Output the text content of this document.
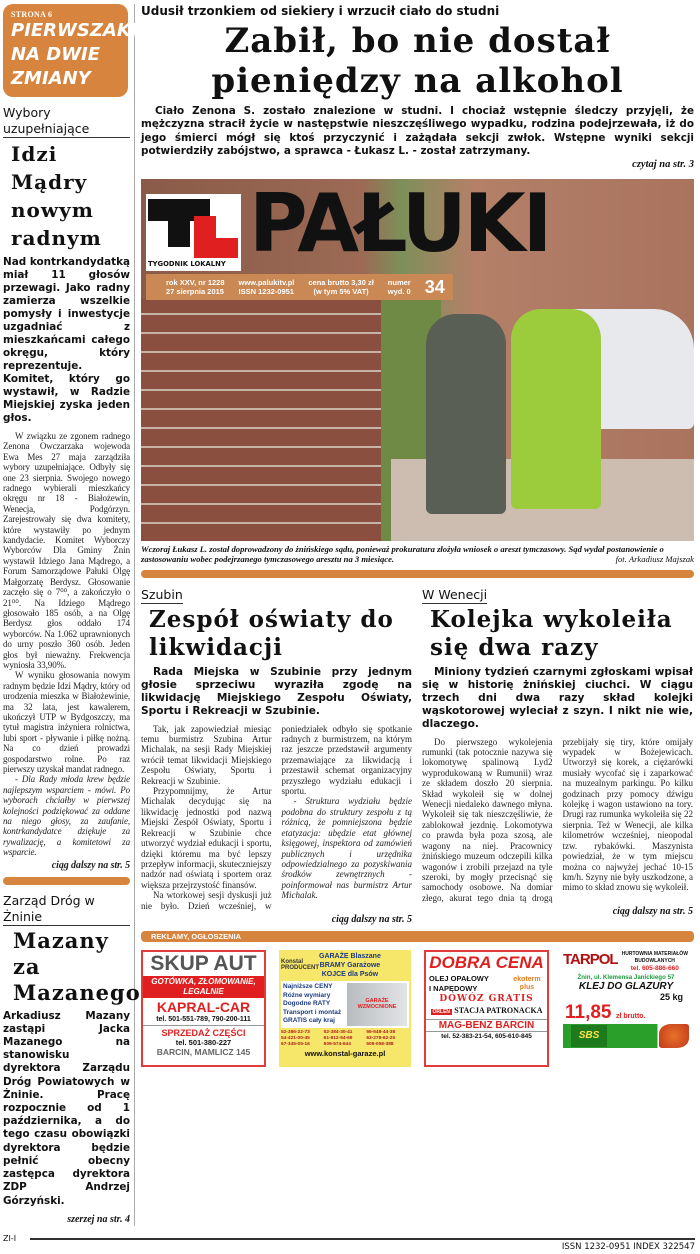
STRONA 6
PIERWSZAKI NA DWIE ZMIANY
Wybory uzupełniające
Idzi Mądry nowym radnym
Nad kontrkandydatką miał 11 głosów przewagi. Jako radny zamierza wszelkie pomysły i inwestycje uzgadniać z mieszkańcami całego okręgu, który reprezentuje. Komitet, który go wystawił, w Radzie Miejskiej zyska jeden głos.

W związku ze zgonem radnego Zenona Owczarzaka wojewoda Ewa Mes 27 maja zarządziła wybory uzupełniające. Odbyły się one 23 sierpnia. Swojego nowego radnego wybierali mieszkańcy okręgu nr 18 - Białożewin, Wenecja, Podgórzyn. Zarejestrowały się dwa komitety, które wystawiły po jednym kandydacie. Komitet Wyborczy Wyborców Dla Gminy Żnin wystawił Idziego Jana Mądrego, a Forum Samorządowe Pałuki Olgę Małgorzatę Berdysz. Głosowanie zaczęło się o 7⁰⁰, a zakończyło o 21⁰⁰. Na Idziego Mądrego głosowało 185 osób, a na Olgę Berdysz głos oddało 174 wyborców. Na 1.062 uprawnionych do urny poszło 360 osób. Jeden głos był nieważny. Frekwencja wyniosła 33,90%.

W wyniku głosowania nowym radnym będzie Idzi Mądry, który od urodzenia mieszka w Białożewinie, ma 32 lata, jest kawalerem, ukończył UTP w Bydgoszczy, ma tytuł magistra inżyniera rolnictwa, lubi sport - pływanie i piłkę nożną. Na co dzień prowadzi gospodarstwo rolne. Po raz pierwszy uzyskał mandat radnego.

- Dla Rady młoda krew będzie najlepszym wsparciem - mówi. Po wyborach chciałby w pierwszej kolejności podziękować za oddane na niego głosy, za zaufanie, kontrkandydatce dziękuje za rywalizację, a komitetowi za wsparcie.

ciąg dalszy na str. 5
Zarząd Dróg w Żninie
Mazany za Mazanego
Arkadiusz Mazany zastąpi Jacka Mazanego na stanowisku dyrektora Zarządu Dróg Powiatowych w Żninie. Pracę rozpocznie od 1 października, a do tego czasu obowiązki dyrektora będzie pełnić obecny zastępca dyrektora ZDP Andrzej Górzyński.
szerzej na str. 4
Udusił trzonkiem od siekiery i wrzucił ciało do studni
Zabił, bo nie dostał pieniędzy na alkohol
Ciało Zenona S. zostało znalezione w studni. I chociaż wstępnie śledczy przyjęli, że mężczyzna stracił życie w następstwie nieszczęśliwego wypadku, rodzina podejrzewała, iż do jego śmierci mógł się ktoś przyczynić i zażądała sekcji zwłok. Wstępne wyniki sekcji potwierdziły zabójstwo, a sprawca - Łukasz L. - został zatrzymany.
czytaj na str. 3
TYGODNIK LOKALNY PAŁUKI
rok XXV, nr 1228
27 sierpnia 2015
www.palukitv.pl
ISSN 1232-0951
cena brutto 3,30 zł
(w tym 5% VAT)
numer
wyd. 0 34
Wczoraj Łukasz L. został doprowadzony do żnińskiego sądu, ponieważ prokuratura złożyła wniosek o areszt tymczasowy. Sąd wydał postanowienie o zastosowaniu wobec podejrzanego tymczasowego aresztu na 3 miesiące.	fot. Arkadiusz Majszak
Szubin
Zespół oświaty do likwidacji
Rada Miejska w Szubinie przy jednym głosie sprzeciwu wyraziła zgodę na likwidację Miejskiego Zespołu Oświaty, Sportu i Rekreacji w Szubinie.

Tak, jak zapowiedział miesiąc temu burmistrz Szubina Artur Michalak, na sesji Rady Miejskiej wrócił temat likwidacji Miejskiego Zespołu Oświaty, Sportu i Rekreacji w Szubinie.

Przypomnijmy, że Artur Michalak decydując się na likwidację jednostki pod nazwą Miejski Zespół Oświaty, Sportu i Rekreacji w Szubinie chce utworzyć wydział edukacji i sportu, dzięki któremu ma być lepszy przepływ informacji, skuteczniejszy nadzór nad oświatą i sportem oraz większa przejrzystość finansów.

Na wtorkowej sesji dyskusji już nie było. Dzień wcześniej, w poniedziałek odbyło się spotkanie radnych z burmistrzem, na którym raz jeszcze przedstawił argumenty przemawiające za likwidacją i przestawił schemat organizacyjny przyszłego wydziału edukacji i sportu.

- Struktura wydziału będzie podobna do struktury zespołu z tą różnicą, że pomniejszona będzie etatyzacja: ubędzie etat głównej księgowej, inspektora od zamówień publicznych i urzędnika odpowiedzialnego za pozyskiwania środków zewnętrznych - poinformował nas burmistrz Artur Michalak.

ciąg dalszy na str. 5
W Wenecji
Kolejka wykoleiła się dwa razy
Miniony tydzień czarnymi zgłoskami wpisał się w historię żnińskiej ciuchci. W ciągu trzech dni dwa razy skład kolejki wąskotorowej wyleciał z szyn. I nikt nie wie, dlaczego.

Do pierwszego wykolejenia rumunki (tak potocznie nazywa się lokomotywę spalinową Lyd2 wyprodukowaną w Rumunii) wraz ze składem doszło 20 sierpnia. Skład wykoleił się w dolnej Wenecji niedaleko dawnego młyna. Wykoleił się tak nieszczęśliwie, że zablokował jezdnię. Lokomotywa co prawda była poza szosą, ale wagony na niej. Pracownicy żnińskiego muzeum odczepili kilka wagonów i zrobili przejazd na tyle szeroki, by mogły przecisnąć się samochody osobowe. Na domiar złego, akurat tego dnia tą drogą przebijały się tiry, które omijały wypadek w Bożejewicach. Utworzył się korek, a ciężarówki musiały wycofać się i zaparkować na muzealnym parkingu. Po kilku godzinach przy pomocy dźwigu kolejkę i wagon ustawiono na tory. Drugi raz rumunka wykoleiła się 22 sierpnia. Też w Wenecji, ale kilka kilometrów wcześniej, nieopodal tzw. rybakówki. Maszynista powiedział, że w tym miejscu można co najwyżej jechać 10-15 km/h. Szyny nie były uszkodzone, a mimo to skład znowu się wykoleił.

ciąg dalszy na str. 5
REKLAMY, OGŁOSZENIA
SKUP AUT
GOTÓWKA, ZŁOMOWANIE, LEGALNIE
KAPRAL-CAR
tel. 501-551-789, 790-200-111
SPRZEDAŻ CZĘŚCI
tel. 501-380-227
BARCIN, MAMLICZ 145
Konstal PRODUCENT
GARAŻE Blaszane
BRAMY Garażowe
KOJCE dla Psów
Najniższe CENY
Różne wymiary
Dogodne RATY
Transport i montaż
GRATIS cały kraj
GARAŻE WZMOCNIONE
52-386-22-73	52-384-30-41	56-648-44-38
54-421-00-45	61-812-54-69	63-278-62-25
67-345-05-16	509-574-644	509-058-388
www.konstal-garaze.pl
DOBRA CENA
OLEJ OPAŁOWY
I NAPĘDOWY
ekoterm plus
DOWÓZ GRATIS
ORLEN STACJA PATRONACKA
MAG-BENZ BARCIN
tel. 52-383-21-54, 605-610-845
TARPOL HURTOWNIA MATERIAŁÓW BUDOWLANYCH
tel. 605-886-660
Żnin, ul. Klemensa Janickiego 57
KLEJ DO GLAZURY
25 kg
11,85 zł brutto.
SBS
ZI-I
ISSN 1232-0951 INDEX 322547
